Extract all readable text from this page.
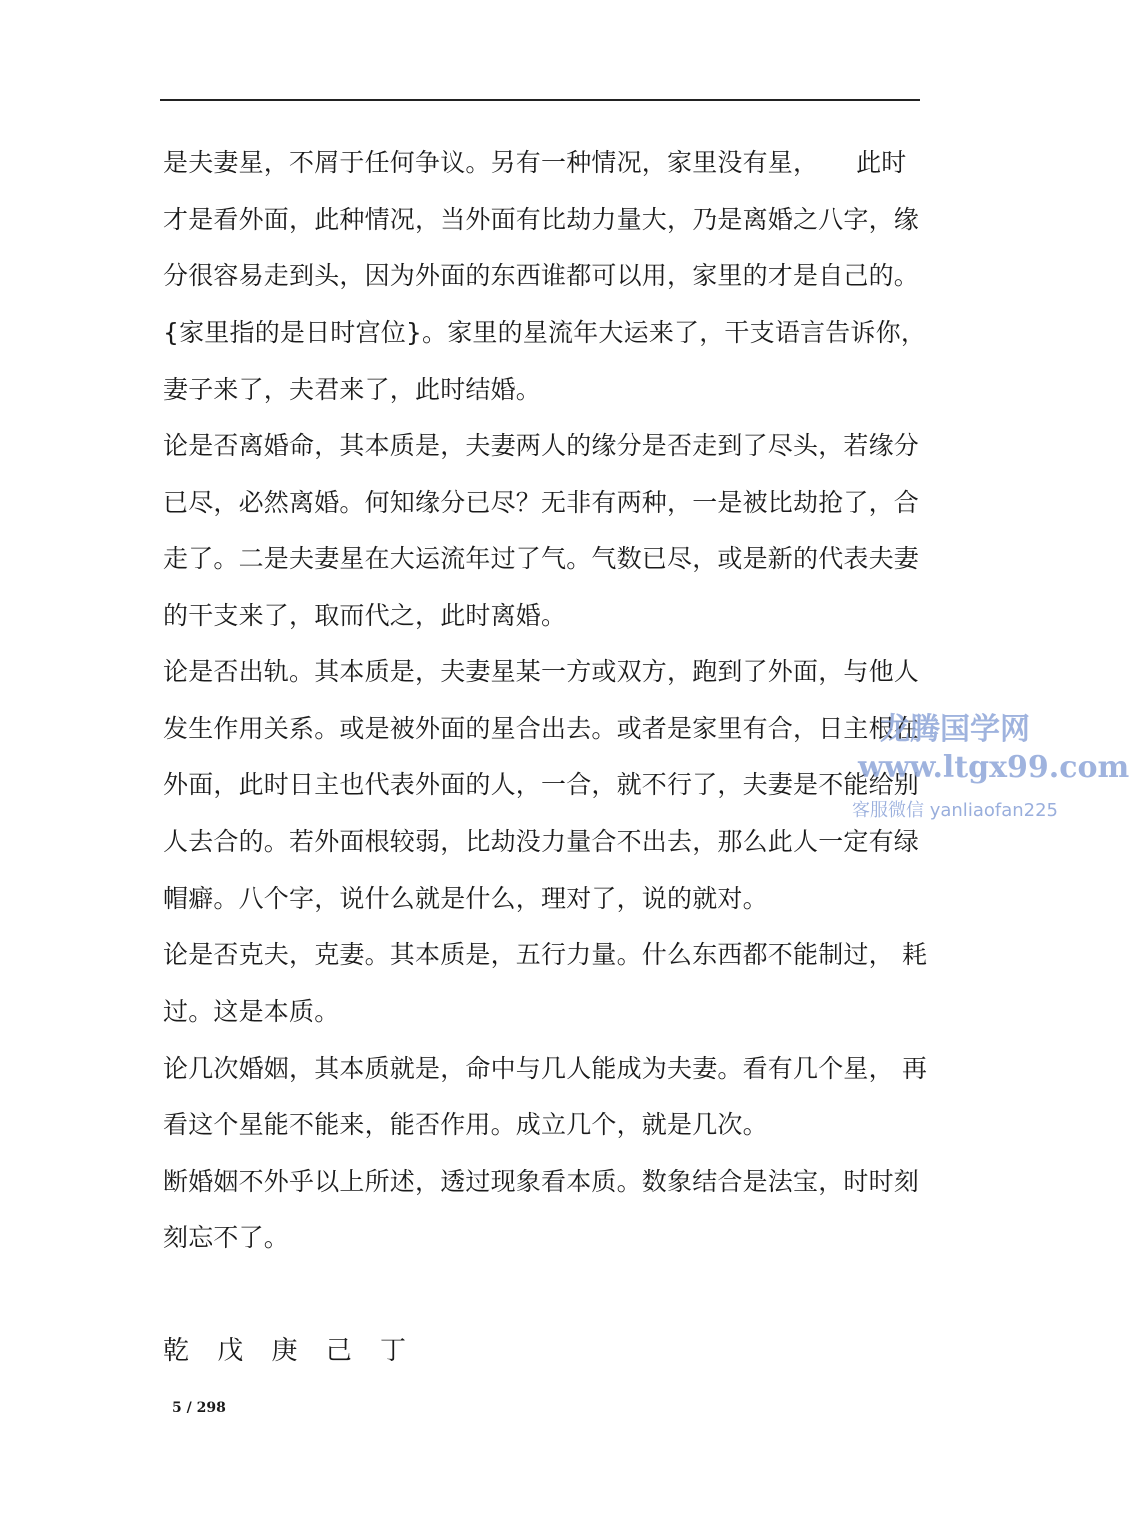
是夫妻星，不屑于任何争议。另有一种情况，家里没有星，　　此时
才是看外面，此种情况，当外面有比劫力量大，乃是离婚之八字，缘
分很容易走到头，因为外面的东西谁都可以用，家里的才是自己的。
{家里指的是日时宫位}。家里的星流年大运来了，干支语言告诉你，
妻子来了，夫君来了，此时结婚。
论是否离婚命，其本质是，夫妻两人的缘分是否走到了尽头，若缘分
已尽，必然离婚。何知缘分已尽？无非有两种，一是被比劫抢了，合
走了。二是夫妻星在大运流年过了气。气数已尽，或是新的代表夫妻
的干支来了，取而代之，此时离婚。
论是否出轨。其本质是，夫妻星某一方或双方，跑到了外面，与他人
发生作用关系。或是被外面的星合出去。或者是家里有合，日主根在
外面，此时日主也代表外面的人，一合，就不行了，夫妻是不能给别
人去合的。若外面根较弱，比劫没力量合不出去，那么此人一定有绿
帽癖。八个字，说什么就是什么，理对了，说的就对。
论是否克夫，克妻。其本质是，五行力量。什么东西都不能制过， 耗
过。这是本质。
论几次婚姻，其本质就是，命中与几人能成为夫妻。看有几个星， 再
看这个星能不能来，能否作用。成立几个，就是几次。
断婚姻不外乎以上所述，透过现象看本质。数象结合是法宝，时时刻
刻忘不了。
乾 戊 庚 己 丁
5 / 298
龙腾国学网
www.ltgx99.com
客服微信 yanliaofan225
